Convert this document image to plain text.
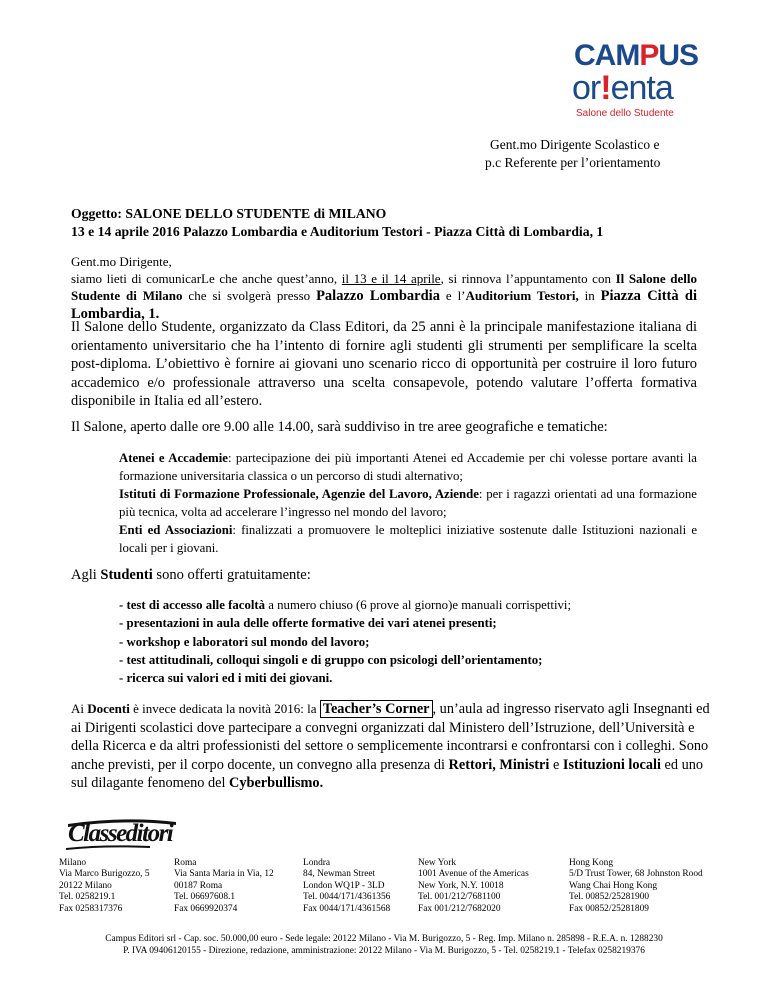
CAMPUS
or!enta
Salone dello Studente
Gent.mo Dirigente Scolastico e
p.c Referente per l’orientamento
Oggetto: SALONE DELLO STUDENTE di MILANO
13 e 14 aprile 2016 Palazzo Lombardia e Auditorium Testori - Piazza Città di Lombardia, 1
Gent.mo Dirigente,
siamo lieti di comunicarLe che anche quest’anno, il 13 e il 14 aprile, si rinnova l’appuntamento con Il Salone dello Studente di Milano che si svolgerà presso Palazzo Lombardia e l’Auditorium Testori, in Piazza Città di Lombardia, 1.
Il Salone dello Studente, organizzato da Class Editori, da 25 anni è la principale manifestazione italiana di orientamento universitario che ha l’intento di fornire agli studenti gli strumenti per semplificare la scelta post-diploma. L’obiettivo è fornire ai giovani uno scenario ricco di opportunità per costruire il loro futuro accademico e/o professionale attraverso una scelta consapevole, potendo valutare l’offerta formativa disponibile in Italia ed all’estero.
Il Salone, aperto dalle ore 9.00 alle 14.00, sarà suddiviso in tre aree geografiche e tematiche:

Atenei e Accademie: partecipazione dei più importanti Atenei ed Accademie per chi volesse portare avanti la formazione universitaria classica o un percorso di studi alternativo;

Istituti di Formazione Professionale, Agenzie del Lavoro, Aziende: per i ragazzi orientati ad una formazione più tecnica, volta ad accelerare l’ingresso nel mondo del lavoro;

Enti ed Associazioni: finalizzati a promuovere le molteplici iniziative sostenute dalle Istituzioni nazionali e locali per i giovani.

Agli Studenti sono offerti gratuitamente:
- test di accesso alle facoltà a numero chiuso (6 prove al giorno)e manuali corrispettivi;
- presentazioni in aula delle offerte formative dei vari atenei presenti;
- workshop e laboratori sul mondo del lavoro;
- test attitudinali, colloqui singoli e di gruppo con psicologi dell’orientamento;
- ricerca sui valori ed i miti dei giovani.
Ai Docenti è invece dedicata la novità 2016: la Teacher’s Corner , un’aula ad ingresso riservato agli Insegnanti ed ai Dirigenti scolastici dove partecipare a convegni organizzati dal Ministero dell’Istruzione, dell’Università e della Ricerca e da altri professionisti del settore o semplicemente incontrarsi e confrontarsi con i colleghi. Sono anche previsti, per il corpo docente, un convegno alla presenza di Rettori, Ministri e Istituzioni locali ed uno sul dilagante fenomeno del Cyberbullismo.
Classeditori
Milano
Via Marco Burigozzo, 5
20122 Milano
Tel. 0258219.1
Fax 0258317376
Roma
Via Santa Maria in Via, 12
00187 Roma
Tel. 06697608.1
Fax 0669920374
Londra
84, Newman Street
London WQ1P - 3LD
Tel. 0044/171/4361356
Fax 0044/171/4361568
New York
1001 Avenue of the Americas
New York, N.Y. 10018
Tel. 001/212/7681100
Fax 001/212/7682020
Hong Kong
5/D Trust Tower, 68 Johnston Rood
Wang Chai Hong Kong
Tel. 00852/25281900
Fax 00852/25281809
Campus Editori srl - Cap. soc. 50.000,00 euro - Sede legale: 20122 Milano - Via M. Burigozzo, 5 - Reg. Imp. Milano n. 285898 - R.E.A. n. 1288230
P. IVA 09406120155 - Direzione, redazione, amministrazione: 20122 Milano - Via M. Burigozzo, 5 - Tel. 0258219.1 - Telefax 0258219376
